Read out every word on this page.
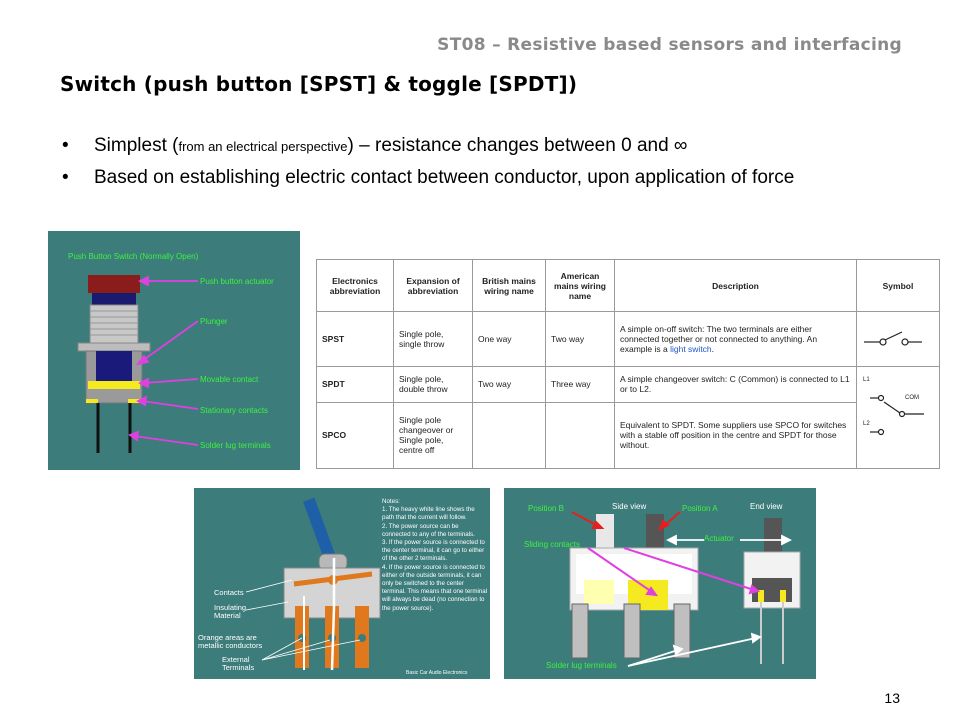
ST08 – Resistive based sensors and interfacing
Switch (push button [SPST] & toggle [SPDT])
• Simplest (from an electrical perspective) – resistance changes between 0 and ∞
• Based on establishing electric contact between conductor, upon application of force
Push Button Switch (Normally Open)
Push button actuator
Plunger
Movable contact
Stationary contacts
Solder lug terminals
Electronics abbreviation	Expansion of abbreviation	British mains wiring name	American mains wiring name	Description	Symbol
SPST	Single pole, single throw	One way	Two way	A simple on-off switch: The two terminals are either connected together or not connected to anything. An example is a light switch.	
SPDT	Single pole, double throw	Two way	Three way	A simple changeover switch: C (Common) is connected to L1 or to L2.	L1
COM
L2

SPCO	Single pole changeover or Single pole, centre off			Equivalent to SPDT. Some suppliers use SPCO for switches with a stable off position in the centre and SPDT for those without.	
Notes:
1. The heavy white line shows the path that the current will follow.
2. The power source can be connected to any of the terminals.
3. If the power source is connected to the center terminal, it can go to either of the other 2 terminals.
4. If the power source is connected to either of the outside terminals, it can only be switched to the center terminal. This means that one terminal will always be dead (no connection to the power source).
Contacts
Insulating Material
Orange areas are metallic conductors
External Terminals
Basic Car Audio Electronics
Position B	Side view	Position A	End view
Actuator
Sliding contacts
Solder lug terminals
13
